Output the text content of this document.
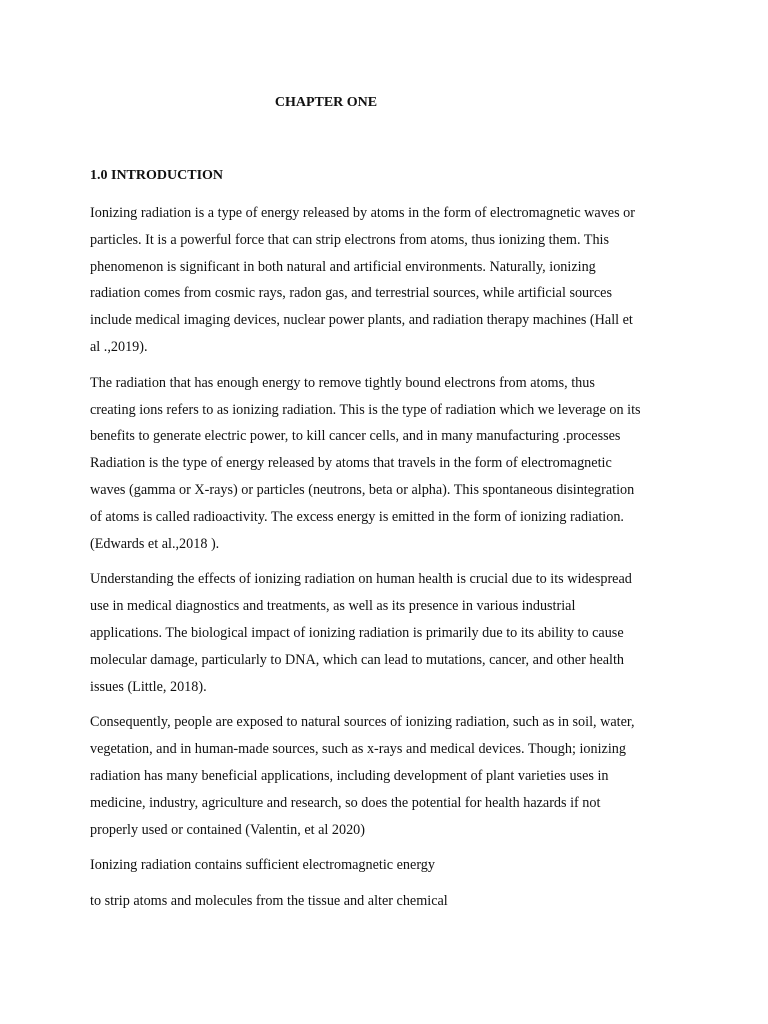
CHAPTER ONE
1.0 INTRODUCTION

Ionizing radiation is a type of energy released by atoms in the form of electromagnetic waves or
particles. It is a powerful force that can strip electrons from atoms, thus ionizing them. This
phenomenon is significant in both natural and artificial environments. Naturally, ionizing
radiation comes from cosmic rays, radon gas, and terrestrial sources, while artificial sources
include medical imaging devices, nuclear power plants, and radiation therapy machines (Hall et
al .,2019).

The radiation that has enough energy to remove tightly bound electrons from atoms, thus
creating ions refers to as ionizing radiation. This is the type of radiation which we leverage on its
benefits to generate electric power, to kill cancer cells, and in many manufacturing .processes
Radiation is the type of energy released by atoms that travels in the form of electromagnetic
waves (gamma or X-rays) or particles (neutrons, beta or alpha). This spontaneous disintegration
of atoms is called radioactivity. The excess energy is emitted in the form of ionizing radiation.
(Edwards et al.,2018 ).

Understanding the effects of ionizing radiation on human health is crucial due to its widespread
use in medical diagnostics and treatments, as well as its presence in various industrial
applications. The biological impact of ionizing radiation is primarily due to its ability to cause
molecular damage, particularly to DNA, which can lead to mutations, cancer, and other health
issues (Little, 2018).

Consequently, people are exposed to natural sources of ionizing radiation, such as in soil, water,
vegetation, and in human-made sources, such as x-rays and medical devices. Though; ionizing
radiation has many beneficial applications, including development of plant varieties uses in
medicine, industry, agriculture and research, so does the potential for health hazards if not
properly used or contained (Valentin, et al 2020)

Ionizing radiation contains sufficient electromagnetic energy

to strip atoms and molecules from the tissue and alter chemical
